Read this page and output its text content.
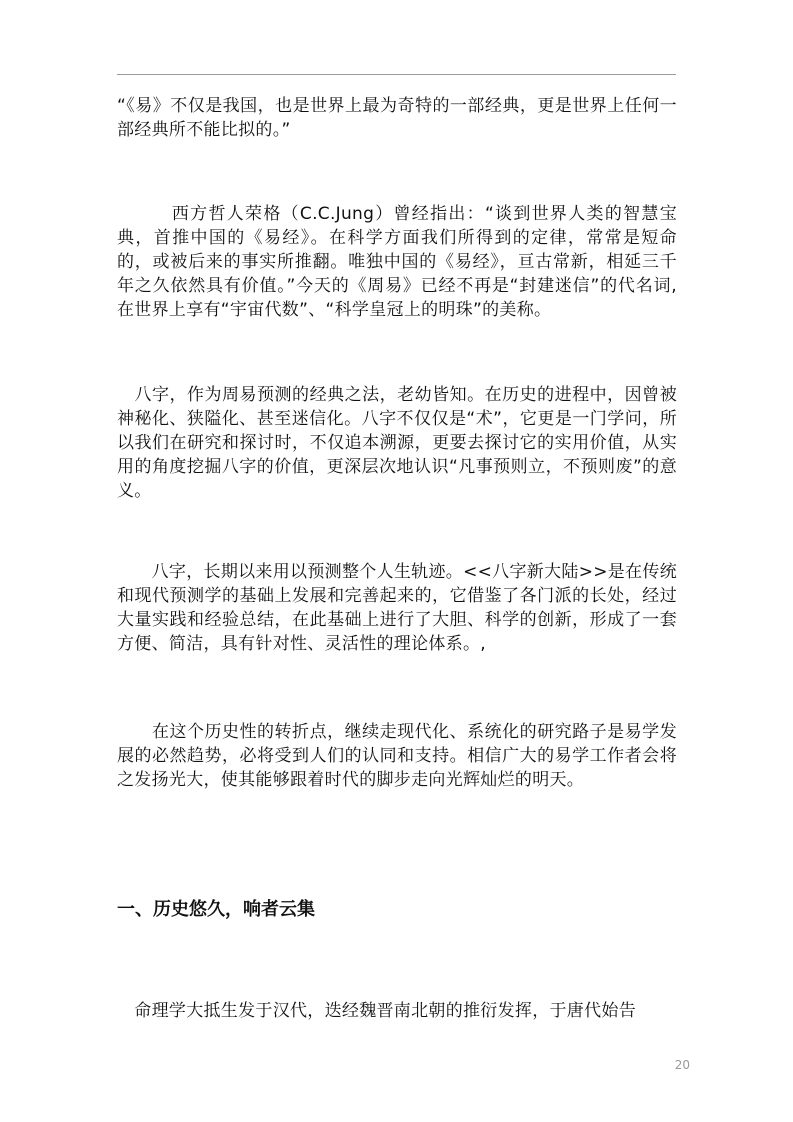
“《易》不仅是我国，也是世界上最为奇特的一部经典，更是世界上任何一部经典所不能比拟的。”

　　　西方哲人荣格（C.C.Jung）曾经指出：“谈到世界人类的智慧宝典，首推中国的《易经》。在科学方面我们所得到的定律，常常是短命的，或被后来的事实所推翻。唯独中国的《易经》，亘古常新，相延三千年之久依然具有价值。”今天的《周易》已经不再是“封建迷信”的代名词,在世界上享有“宇宙代数”、“科学皇冠上的明珠”的美称。

　八字，作为周易预测的经典之法，老幼皆知。在历史的进程中，因曾被神秘化、狭隘化、甚至迷信化。八字不仅仅是“术”，它更是一门学问，所以我们在研究和探讨时，不仅追本溯源，更要去探讨它的实用价值，从实用的角度挖掘八字的价值，更深层次地认识“凡事预则立，不预则废”的意义。

　　八字，长期以来用以预测整个人生轨迹。<<八字新大陆>>是在传统和现代预测学的基础上发展和完善起来的，它借鉴了各门派的长处，经过大量实践和经验总结，在此基础上进行了大胆、科学的创新，形成了一套方便、简洁，具有针对性、灵活性的理论体系。,

　　在这个历史性的转折点，继续走现代化、系统化的研究路子是易学发展的必然趋势，必将受到人们的认同和支持。相信广大的易学工作者会将之发扬光大，使其能够跟着时代的脚步走向光辉灿烂的明天。

一、历史悠久，响者云集

　命理学大抵生发于汉代，迭经魏晋南北朝的推衍发挥，于唐代始告

20
